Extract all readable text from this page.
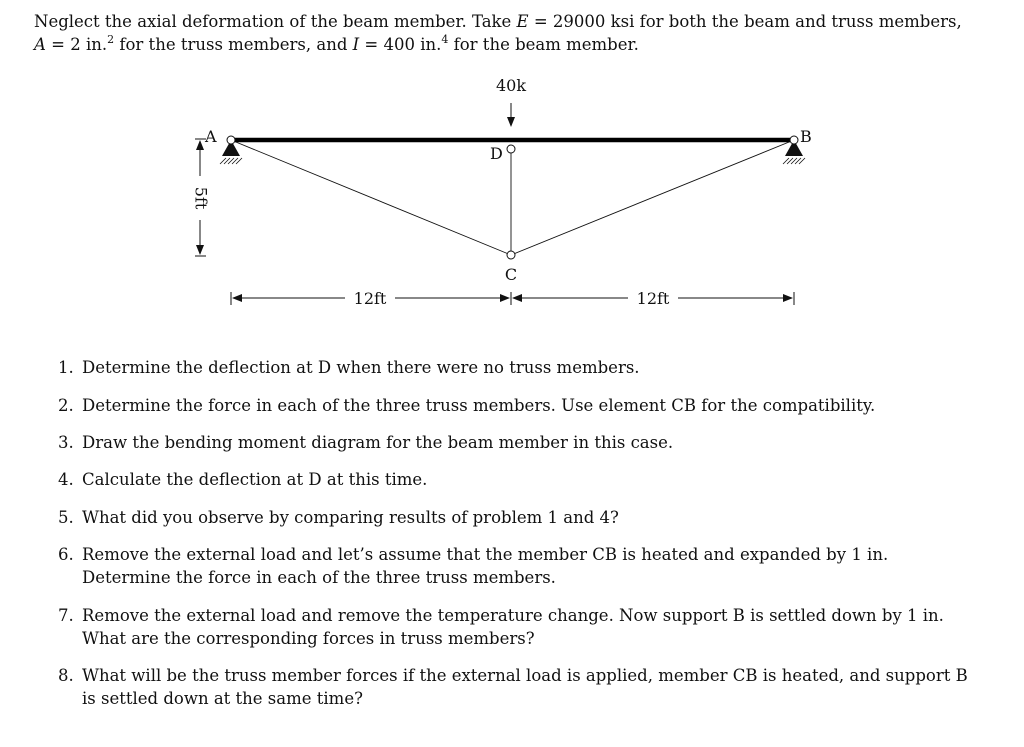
Neglect the axial deformation of the beam member. Take E = 29000 ksi for both the beam and truss members,

A = 2 in.$^2$ for the truss members, and I = 400 in.$^4$ for the beam member.

40k
A	B
D
C
5ft
12ft	12ft
1. Determine the deflection at D when there were no truss members.
2. Determine the force in each of the three truss members. Use element CB for the compatibility.
3. Draw the bending moment diagram for the beam member in this case.
4. Calculate the deflection at D at this time.
5. What did you observe by comparing results of problem 1 and 4?
6. Remove the external load and let’s assume that the member CB is heated and expanded by 1 in. Determine the force in each of the three truss members.
7. Remove the external load and remove the temperature change. Now support B is settled down by 1 in. What are the corresponding forces in truss members?
8. What will be the truss member forces if the external load is applied, member CB is heated, and support B is settled down at the same time?
